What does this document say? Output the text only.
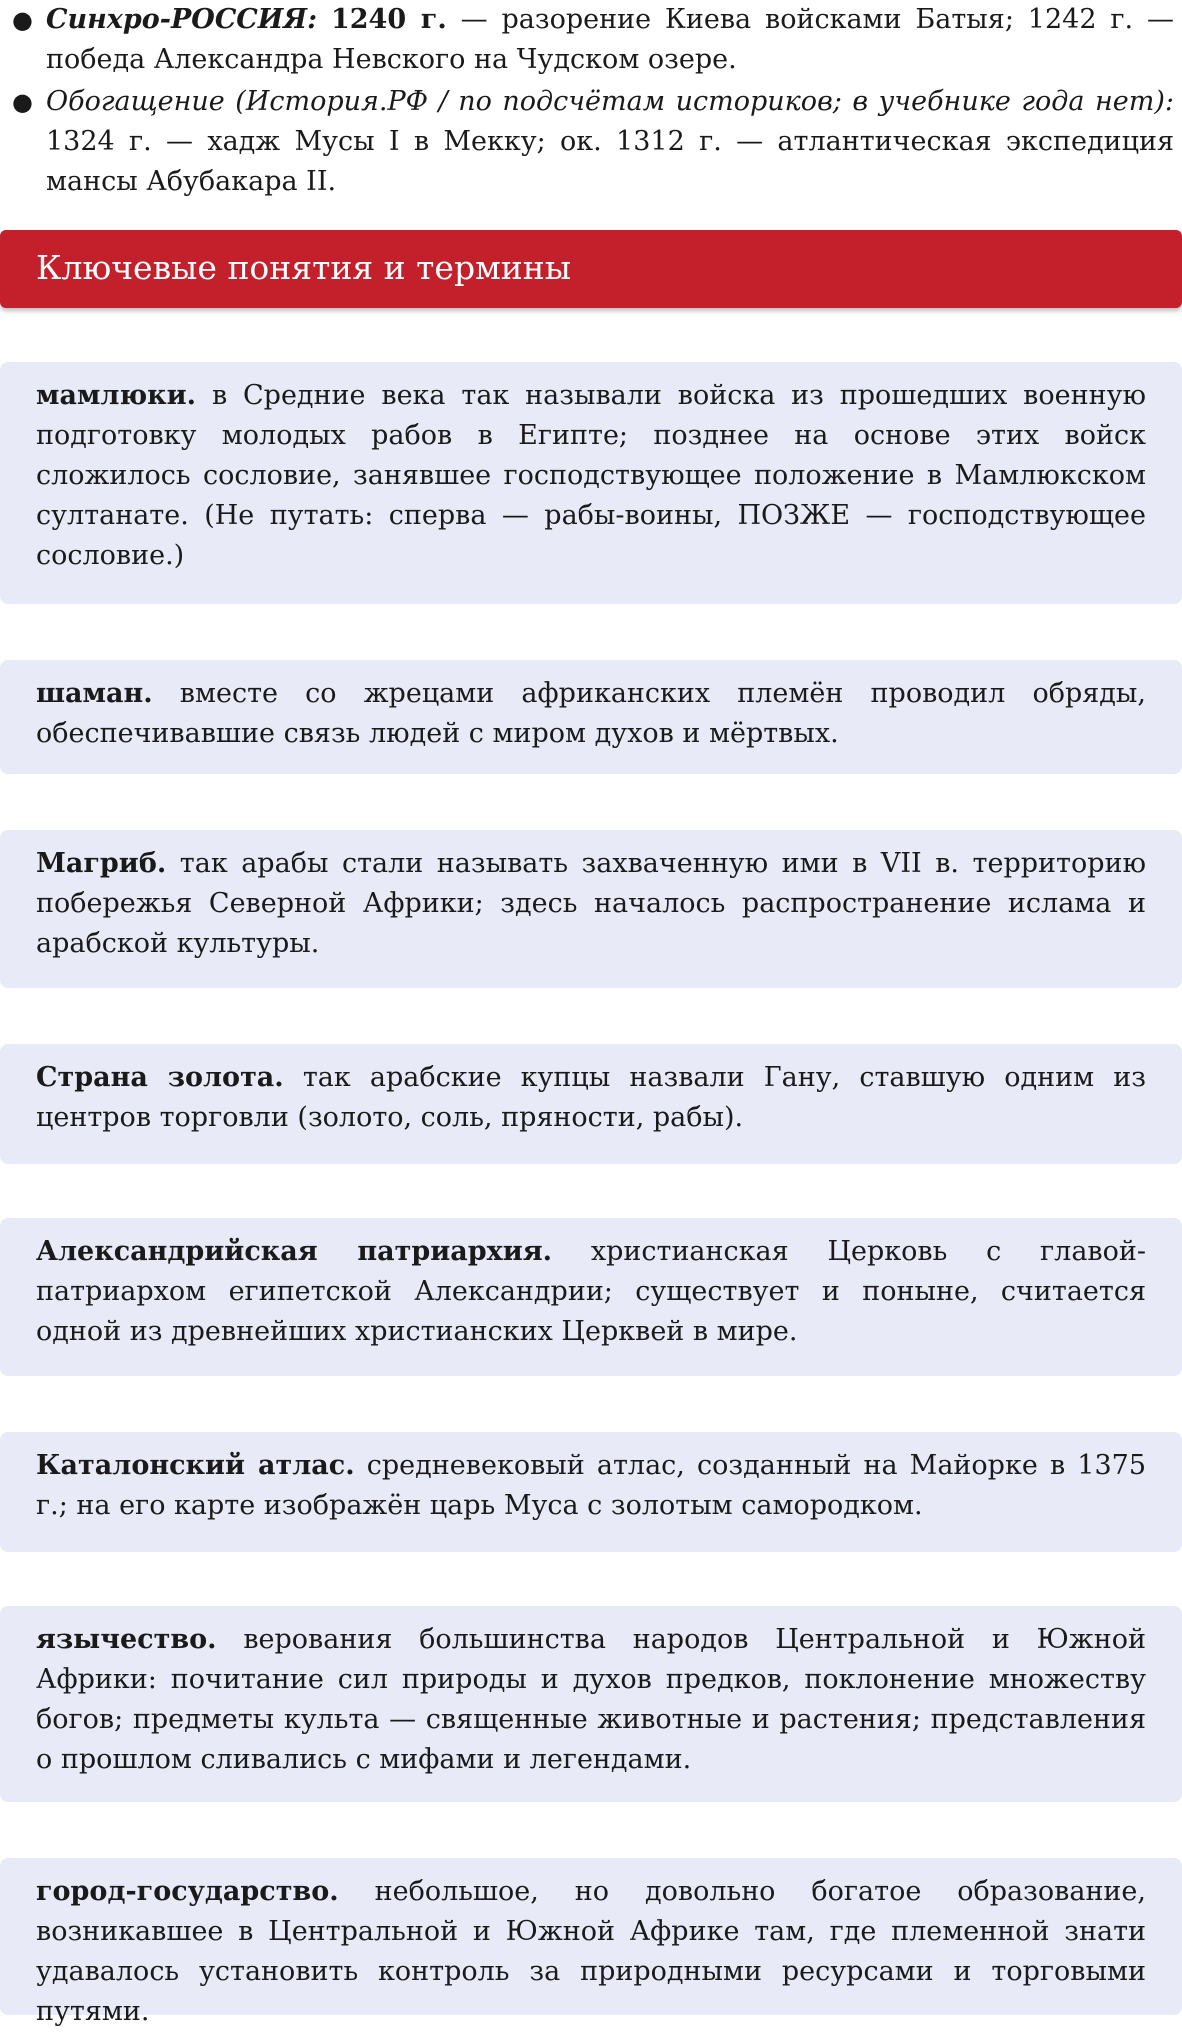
● Синхро-РОССИЯ: 1240 г. — разорение Киева войсками Батыя; 1242 г. — победа Александра Невского на Чудском озере.
● Обогащение (История.РФ / по подсчётам историков; в учебнике года нет): 1324 г. — хадж Мусы I в Мекку; ок. 1312 г. — атлантическая экспедиция мансы Абубакара II.
Ключевые понятия и термины

мамлюки. в Средние века так называли войска из прошедших военную подготовку молодых рабов в Египте; позднее на основе этих войск сложилось сословие, занявшее господствующее положение в Мамлюкском султанате. (Не путать: сперва — рабы-воины, ПОЗЖЕ — господствующее сословие.)

шаман. вместе со жрецами африканских племён проводил обряды, обеспечивавшие связь людей с миром духов и мёртвых.

Магриб. так арабы стали называть захваченную ими в VII в. территорию побережья Северной Африки; здесь началось распространение ислама и арабской культуры.

Страна золота. так арабские купцы назвали Гану, ставшую одним из центров торговли (золото, соль, пряности, рабы).

Александрийская патриархия. христианская Церковь с главой-патриархом египетской Александрии; существует и поныне, считается одной из древнейших христианских Церквей в мире.

Каталонский атлас. средневековый атлас, созданный на Майорке в 1375 г.; на его карте изображён царь Муса с золотым самородком.

язычество. верования большинства народов Центральной и Южной Африки: почитание сил природы и духов предков, поклонение множеству богов; предметы культа — священные животные и растения; представления о прошлом сливались с мифами и легендами.

город-государство. небольшое, но довольно богатое образование, возникавшее в Центральной и Южной Африке там, где племенной знати удавалось установить контроль за природными ресурсами и торговыми путями.
